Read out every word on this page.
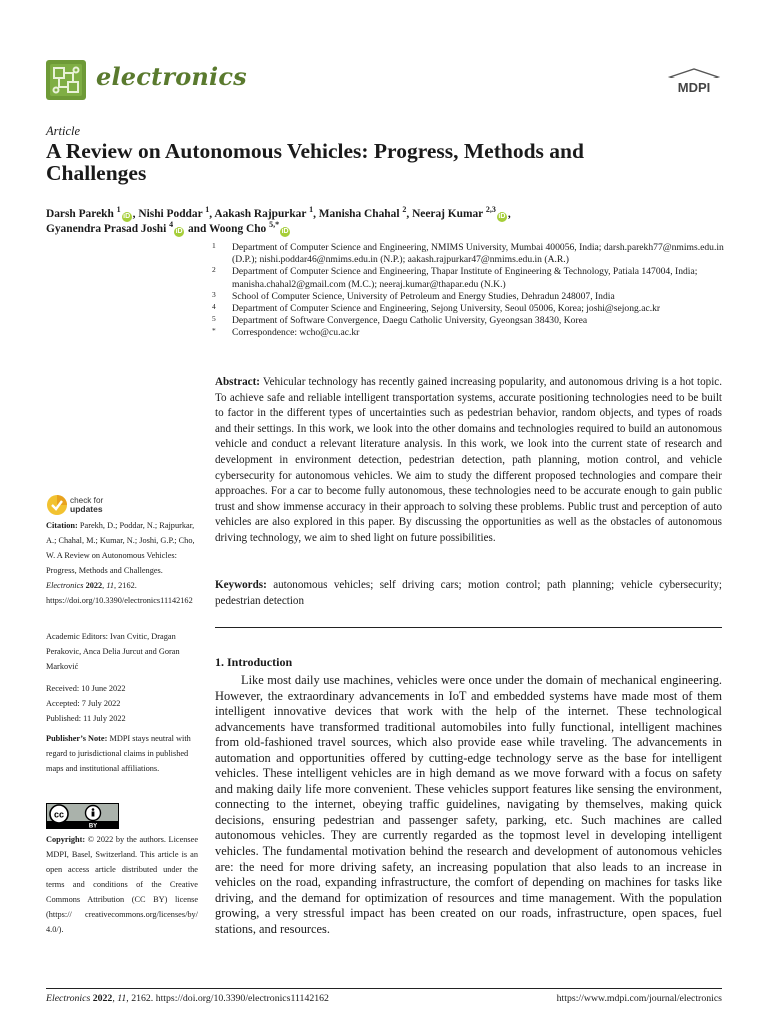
electronics	MDPI
Article
A Review on Autonomous Vehicles: Progress, Methods and Challenges
Darsh Parekh $^1$iD , Nishi Poddar $^1$, Aakash Rajpurkar $^1$, Manisha Chahal $^2$, Neeraj Kumar $^{2,3}$iD ,
Gyanendra Prasad Joshi $^4$iD and Woong Cho $^{5,*}$iD
1 Department of Computer Science and Engineering, NMIMS University, Mumbai 400056, India; darsh.parekh77@nmims.edu.in (D.P.); nishi.poddar46@nmims.edu.in (N.P.); aakash.rajpurkar47@nmims.edu.in (A.R.)
2 Department of Computer Science and Engineering, Thapar Institute of Engineering & Technology, Patiala 147004, India; manisha.chahal2@gmail.com (M.C.); neeraj.kumar@thapar.edu (N.K.)
3 School of Computer Science, University of Petroleum and Energy Studies, Dehradun 248007, India
4 Department of Computer Science and Engineering, Sejong University, Seoul 05006, Korea; joshi@sejong.ac.kr
5 Department of Software Convergence, Daegu Catholic University, Gyeongsan 38430, Korea
* Correspondence: wcho@cu.ac.kr
Abstract: Vehicular technology has recently gained increasing popularity, and autonomous driving is a hot topic. To achieve safe and reliable intelligent transportation systems, accurate positioning technologies need to be built to factor in the different types of uncertainties such as pedestrian behavior, random objects, and types of roads and their settings. In this work, we look into the other domains and technologies required to build an autonomous vehicle and conduct a relevant literature analysis. In this work, we look into the current state of research and development in environment detection, pedestrian detection, path planning, motion control, and vehicle cybersecurity for autonomous vehicles. We aim to study the different proposed technologies and compare their approaches. For a car to become fully autonomous, these technologies need to be accurate enough to gain public trust and show immense accuracy in their approach to solving these problems. Public trust and perception of auto vehicles are also explored in this paper. By discussing the opportunities as well as the obstacles of autonomous driving technology, we aim to shed light on future possibilities.
Keywords: autonomous vehicles; self driving cars; motion control; path planning; vehicle cybersecurity; pedestrian detection
1. Introduction
Like most daily use machines, vehicles were once under the domain of mechanical engineering. However, the extraordinary advancements in IoT and embedded systems have made most of them intelligent innovative devices that work with the help of the internet. These technological advancements have transformed traditional automobiles into fully functional, intelligent machines from old-fashioned travel sources, which also provide ease while traveling. The advancements in automation and opportunities offered by cutting-edge technology serve as the base for intelligent vehicles. These intelligent vehicles are in high demand as we move forward with a focus on safety and making daily life more convenient. These vehicles support features like sensing the environment, connecting to the internet, obeying traffic guidelines, navigating by themselves, making quick decisions, ensuring pedestrian and passenger safety, parking, etc. Such machines are called autonomous vehicles. They are currently regarded as the topmost level in developing intelligent vehicles. The fundamental motivation behind the research and development of autonomous vehicles are: the need for more driving safety, an increasing population that also leads to an increase in vehicles on the road, expanding infrastructure, the comfort of depending on machines for tasks like driving, and the demand for optimization of resources and time management. With the population growing, a very stressful impact has been created on our roads, infrastructure, open spaces, fuel stations, and resources.
check for
updates
Citation: Parekh, D.; Poddar, N.; Rajpurkar, A.; Chahal, M.; Kumar, N.; Joshi, G.P.; Cho, W. A Review on Autonomous Vehicles: Progress, Methods and Challenges. Electronics 2022, 11, 2162. https://doi.org/10.3390/electronics11142162
Academic Editors: Ivan Cvitic, Dragan Perakovic, Anca Delia Jurcut and Goran Marković
Received: 10 June 2022
Accepted: 7 July 2022
Published: 11 July 2022
Publisher’s Note: MDPI stays neutral with regard to jurisdictional claims in published maps and institutional affiliations.
cc
BY
Copyright: © 2022 by the authors. Licensee MDPI, Basel, Switzerland. This article is an open access article distributed under the terms and conditions of the Creative Commons Attribution (CC BY) license (https:// creativecommons.org/licenses/by/ 4.0/).
Electronics 2022, 11, 2162. https://doi.org/10.3390/electronics11142162	https://www.mdpi.com/journal/electronics
